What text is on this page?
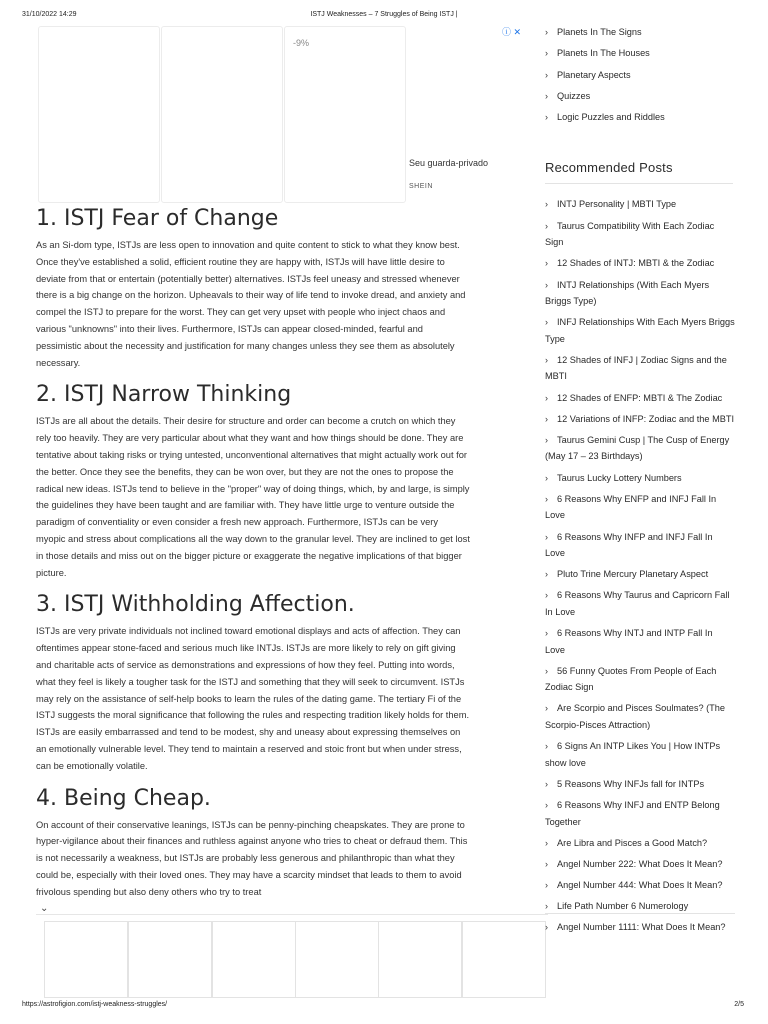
31/10/2022 14:29	ISTJ Weaknesses – 7 Struggles of Being ISTJ |
-9%
Seu guarda-privado
SHEIN
ⓘ ✕
1. ISTJ Fear of Change

As an Si-dom type, ISTJs are less open to innovation and quite content to stick to what they know best. Once they've established a solid, efficient routine they are happy with, ISTJs will have little desire to deviate from that or entertain (potentially better) alternatives. ISTJs feel uneasy and stressed whenever there is a big change on the horizon. Upheavals to their way of life tend to invoke dread, and anxiety and compel the ISTJ to prepare for the worst. They can get very upset with people who inject chaos and various "unknowns" into their lives. Furthermore, ISTJs can appear closed-minded, fearful and pessimistic about the necessity and justification for many changes unless they see them as absolutely necessary.

2. ISTJ Narrow Thinking

ISTJs are all about the details. Their desire for structure and order can become a crutch on which they rely too heavily. They are very particular about what they want and how things should be done. They are tentative about taking risks or trying untested, unconventional alternatives that might actually work out for the better. Once they see the benefits, they can be won over, but they are not the ones to propose the radical new ideas. ISTJs tend to believe in the "proper" way of doing things, which, by and large, is simply the guidelines they have been taught and are familiar with. They have little urge to venture outside the paradigm of conventiality or even consider a fresh new approach. Furthermore, ISTJs can be very myopic and stress about complications all the way down to the granular level. They are inclined to get lost in those details and miss out on the bigger picture or exaggerate the negative implications of that bigger picture.

3. ISTJ Withholding Affection.

ISTJs are very private individuals not inclined toward emotional displays and acts of affection. They can oftentimes appear stone-faced and serious much like INTJs. ISTJs are more likely to rely on gift giving and charitable acts of service as demonstrations and expressions of how they feel. Putting into words, what they feel is likely a tougher task for the ISTJ and something that they will seek to circumvent. ISTJs may rely on the assistance of self-help books to learn the rules of the dating game. The tertiary Fi of the ISTJ suggests the moral significance that following the rules and respecting tradition likely holds for them. ISTJs are easily embarrassed and tend to be modest, shy and uneasy about expressing themselves on an emotionally vulnerable level. They tend to maintain a reserved and stoic front but when under stress, can be emotionally volatile.

4. Being Cheap.

On account of their conservative leanings, ISTJs can be penny-pinching cheapskates. They are prone to hyper-vigilance about their finances and ruthless against anyone who tries to cheat or defraud them. This is not necessarily a weakness, but ISTJs are probably less generous and philanthropic than what they could be, especially with their loved ones. They may have a scarcity mindset that leads to them to avoid frivolous spending but also deny others who try to treat

⌄
› Planets In The Signs
› Planets In The Houses
› Planetary Aspects
› Quizzes
› Logic Puzzles and Riddles
Recommended Posts
› INTJ Personality | MBTI Type
› Taurus Compatibility With Each Zodiac Sign
› 12 Shades of INTJ: MBTI & the Zodiac
› INTJ Relationships (With Each Myers Briggs Type)
› INFJ Relationships With Each Myers Briggs Type
› 12 Shades of INFJ | Zodiac Signs and the MBTI
› 12 Shades of ENFP: MBTI & The Zodiac
› 12 Variations of INFP: Zodiac and the MBTI
› Taurus Gemini Cusp | The Cusp of Energy (May 17 – 23 Birthdays)
› Taurus Lucky Lottery Numbers
› 6 Reasons Why ENFP and INFJ Fall In Love
› 6 Reasons Why INFP and INFJ Fall In Love
› Pluto Trine Mercury Planetary Aspect
› 6 Reasons Why Taurus and Capricorn Fall In Love
› 6 Reasons Why INTJ and INTP Fall In Love
› 56 Funny Quotes From People of Each Zodiac Sign
› Are Scorpio and Pisces Soulmates? (The Scorpio-Pisces Attraction)
› 6 Signs An INTP Likes You | How INTPs show love
› 5 Reasons Why INFJs fall for INTPs
› 6 Reasons Why INFJ and ENTP Belong Together
› Are Libra and Pisces a Good Match?
› Angel Number 222: What Does It Mean?
› Angel Number 444: What Does It Mean?
› Life Path Number 6 Numerology
› Angel Number 1111: What Does It Mean?
https://astrofigion.com/istj-weakness-struggles/	2/5
